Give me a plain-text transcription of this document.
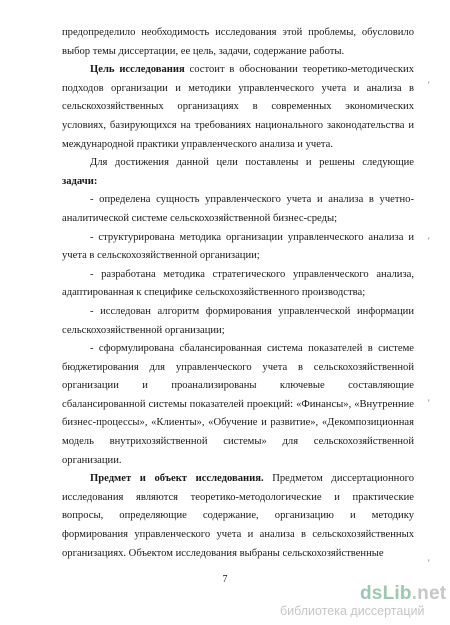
предопределило необходимость исследования этой проблемы, обусловило выбор темы диссертации, ее цель, задачи, содержание работы.

Цель исследования состоит в обосновании теоретико-методических подходов организации и методики управленческого учета и анализа в сельскохозяйственных организациях в современных экономических условиях, базирующихся на требованиях национального законодательства и международной практики управленческого анализа и учета.

Для достижения данной цели поставлены и решены следующие задачи:

- определена сущность управленческого учета и анализа в учетно-аналитической системе сельскохозяйственной бизнес-среды;

- структурирована методика организации управленческого анализа и учета в сельскохозяйственной организации;

- разработана методика стратегического управленческого анализа, адаптированная к специфике сельскохозяйственного производства;

- исследован алгоритм формирования управленческой информации сельскохозяйственной организации;

- сформулирована сбалансированная система показателей в системе бюджетирования для управленческого учета в сельскохозяйственной организации и проанализированы ключевые составляющие сбалансированной системы показателей проекций: «Финансы», «Внутренние бизнес-процессы», «Клиенты», «Обучение и развитие», «Декомпозиционная модель внутрихозяйственной системы» для сельскохозяйственной организации.

Предмет и объект исследования. Предметом диссертационного исследования являются теоретико-методологические и практические вопросы, определяющие содержание, организацию и методику формирования управленческого учета и анализа в сельскохозяйственных организациях. Объектом исследования выбраны сельскохозяйственные

'
'
'
'
7
dsLib.net
библиотека диссертаций
